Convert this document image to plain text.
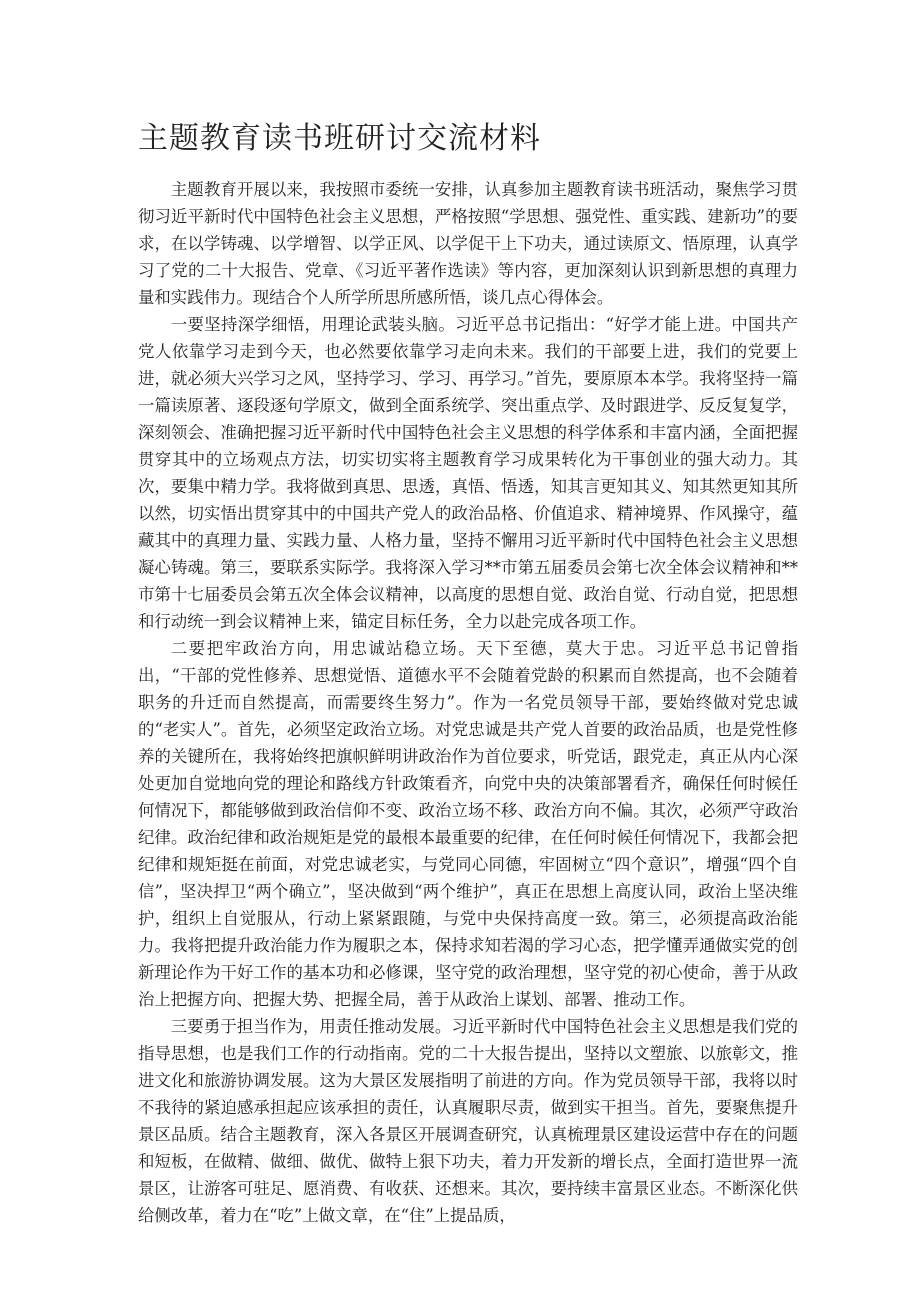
主题教育读书班研讨交流材料

主题教育开展以来，我按照市委统一安排，认真参加主题教育读书班活动，聚焦学习贯彻习近平新时代中国特色社会主义思想，严格按照“学思想、强党性、重实践、建新功”的要求，在以学铸魂、以学增智、以学正风、以学促干上下功夫，通过读原文、悟原理，认真学习了党的二十大报告、党章、《习近平著作选读》等内容，更加深刻认识到新思想的真理力量和实践伟力。现结合个人所学所思所感所悟，谈几点心得体会。

一要坚持深学细悟，用理论武装头脑。习近平总书记指出：“好学才能上进。中国共产党人依靠学习走到今天，也必然要依靠学习走向未来。我们的干部要上进，我们的党要上进，就必须大兴学习之风，坚持学习、学习、再学习。”首先，要原原本本学。我将坚持一篇一篇读原著、逐段逐句学原文，做到全面系统学、突出重点学、及时跟进学、反反复复学，深刻领会、准确把握习近平新时代中国特色社会主义思想的科学体系和丰富内涵，全面把握贯穿其中的立场观点方法，切实切实将主题教育学习成果转化为干事创业的强大动力。其次，要集中精力学。我将做到真思、思透，真悟、悟透，知其言更知其义、知其然更知其所以然，切实悟出贯穿其中的中国共产党人的政治品格、价值追求、精神境界、作风操守，蕴藏其中的真理力量、实践力量、人格力量，坚持不懈用习近平新时代中国特色社会主义思想凝心铸魂。第三，要联系实际学。我将深入学习**市第五届委员会第七次全体会议精神和**市第十七届委员会第五次全体会议精神，以高度的思想自觉、政治自觉、行动自觉，把思想和行动统一到会议精神上来，锚定目标任务，全力以赴完成各项工作。

二要把牢政治方向，用忠诚站稳立场。天下至德，莫大于忠。习近平总书记曾指出，“干部的党性修养、思想觉悟、道德水平不会随着党龄的积累而自然提高，也不会随着职务的升迁而自然提高，而需要终生努力”。作为一名党员领导干部，要始终做对党忠诚的“老实人”。首先，必须坚定政治立场。对党忠诚是共产党人首要的政治品质，也是党性修养的关键所在，我将始终把旗帜鲜明讲政治作为首位要求，听党话，跟党走，真正从内心深处更加自觉地向党的理论和路线方针政策看齐，向党中央的决策部署看齐，确保任何时候任何情况下，都能够做到政治信仰不变、政治立场不移、政治方向不偏。其次，必须严守政治纪律。政治纪律和政治规矩是党的最根本最重要的纪律，在任何时候任何情况下，我都会把纪律和规矩挺在前面，对党忠诚老实，与党同心同德，牢固树立“四个意识”，增强“四个自信”，坚决捍卫“两个确立”，坚决做到“两个维护”，真正在思想上高度认同，政治上坚决维护，组织上自觉服从，行动上紧紧跟随，与党中央保持高度一致。第三，必须提高政治能力。我将把提升政治能力作为履职之本，保持求知若渴的学习心态，把学懂弄通做实党的创新理论作为干好工作的基本功和必修课，坚守党的政治理想，坚守党的初心使命，善于从政治上把握方向、把握大势、把握全局，善于从政治上谋划、部署、推动工作。

三要勇于担当作为，用责任推动发展。习近平新时代中国特色社会主义思想是我们党的指导思想，也是我们工作的行动指南。党的二十大报告提出，坚持以文塑旅、以旅彰文，推进文化和旅游协调发展。这为大景区发展指明了前进的方向。作为党员领导干部，我将以时不我待的紧迫感承担起应该承担的责任，认真履职尽责，做到实干担当。首先，要聚焦提升景区品质。结合主题教育，深入各景区开展调查研究，认真梳理景区建设运营中存在的问题和短板，在做精、做细、做优、做特上狠下功夫，着力开发新的增长点，全面打造世界一流景区，让游客可驻足、愿消费、有收获、还想来。其次，要持续丰富景区业态。不断深化供给侧改革，着力在“吃”上做文章，在“住”上提品质，
